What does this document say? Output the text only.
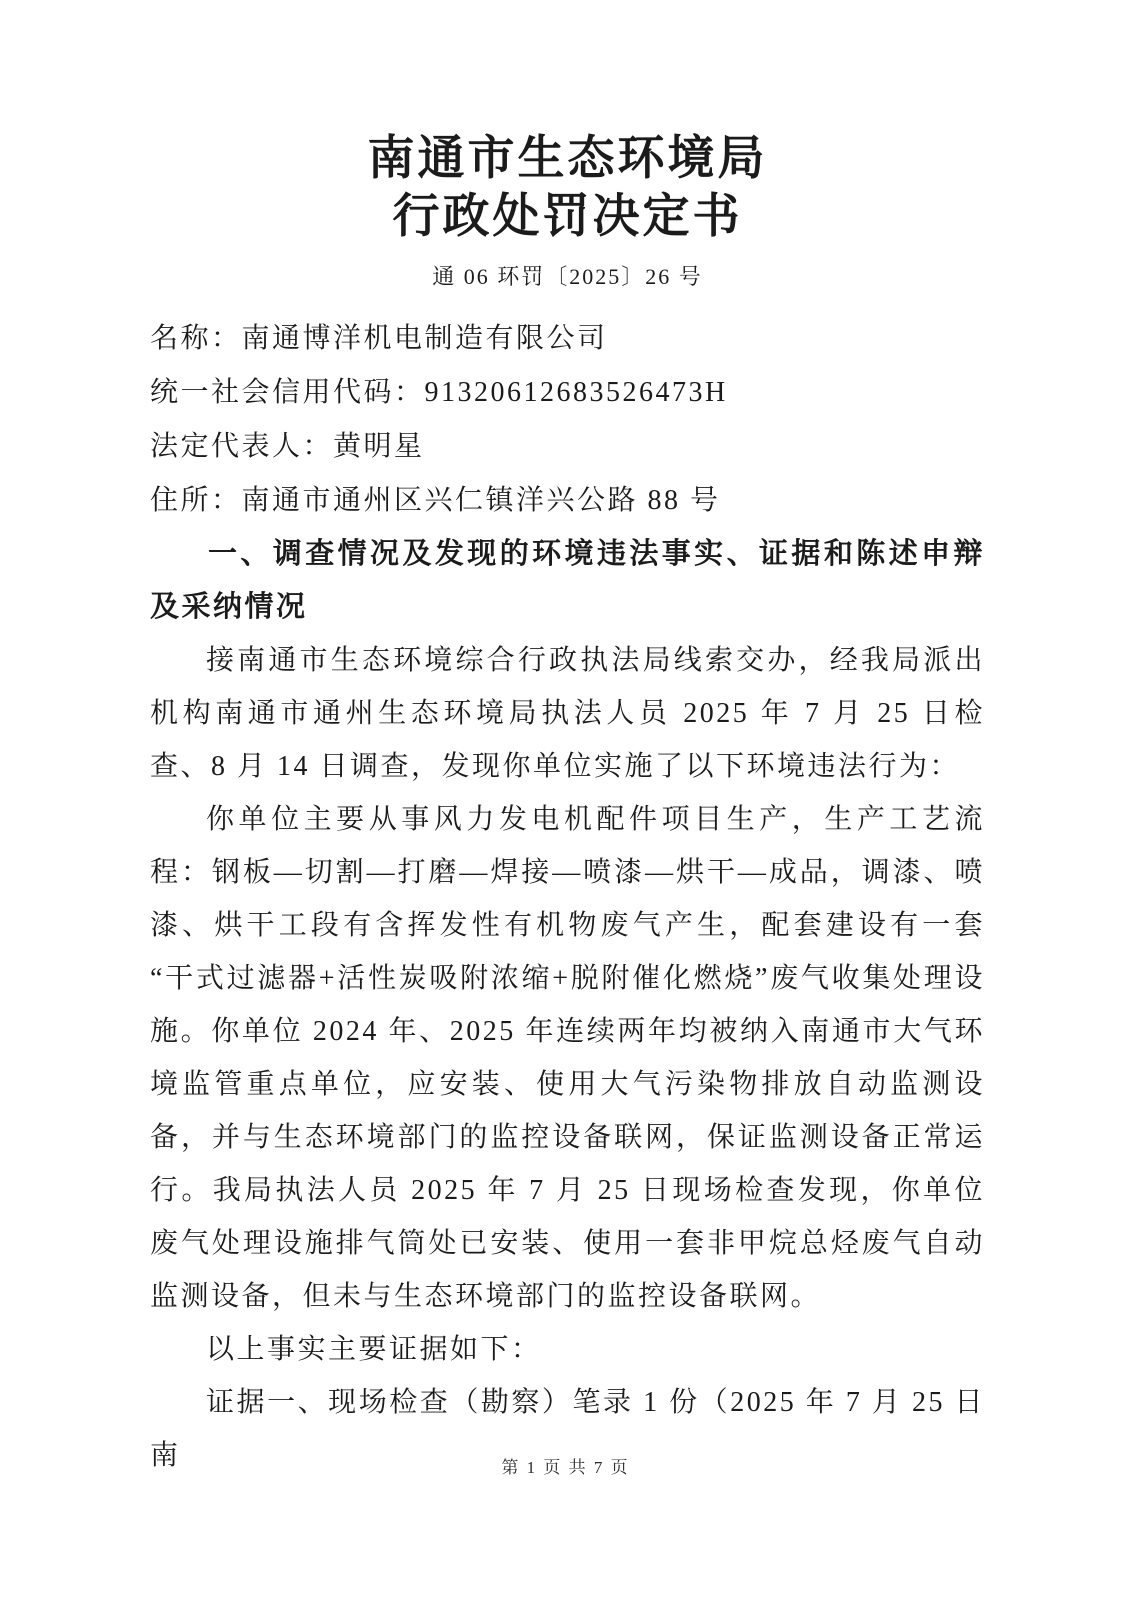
南通市生态环境局
行政处罚决定书
通 06 环罚〔2025〕26 号
名称：南通博洋机电制造有限公司
统一社会信用代码：91320612683526473H
法定代表人：黄明星
住所：南通市通州区兴仁镇洋兴公路 88 号
一、调查情况及发现的环境违法事实、证据和陈述申辩及采纳情况

接南通市生态环境综合行政执法局线索交办，经我局派出机构南通市通州生态环境局执法人员 2025 年 7 月 25 日检查、8 月 14 日调查，发现你单位实施了以下环境违法行为：

你单位主要从事风力发电机配件项目生产，生产工艺流程：钢板—切割—打磨—焊接—喷漆—烘干—成品，调漆、喷漆、烘干工段有含挥发性有机物废气产生，配套建设有一套“干式过滤器+活性炭吸附浓缩+脱附催化燃烧”废气收集处理设施。你单位 2024 年、2025 年连续两年均被纳入南通市大气环境监管重点单位，应安装、使用大气污染物排放自动监测设备，并与生态环境部门的监控设备联网，保证监测设备正常运行。我局执法人员 2025 年 7 月 25 日现场检查发现，你单位废气处理设施排气筒处已安装、使用一套非甲烷总烃废气自动监测设备，但未与生态环境部门的监控设备联网。

以上事实主要证据如下：

证据一、现场检查（勘察）笔录 1 份（2025 年 7 月 25 日南	第 1 页 共 7 页
